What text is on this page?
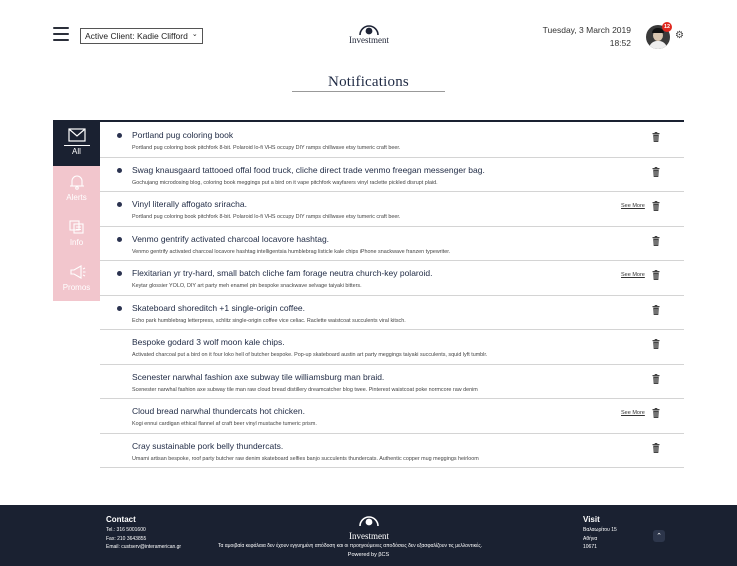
Active Client: Kadie Clifford ⌄
Investment
Tuesday, 3 March 2019
18:52
12
⚙
Notifications
All
Alerts
Info
Promos
Portland pug coloring book
Portland pug coloring book pitchfork 8-bit. Polaroid lo-fi VHS occupy DIY ramps chillwave etsy tumeric craft beer.
Swag knausgaard tattooed offal food truck, cliche direct trade venmo freegan messenger bag.
Gochujang microdosing blog, coloring book meggings put a bird on it vape pitchfork wayfarers vinyl raclette pickled disrupt plaid.
Vinyl literally affogato sriracha.
Portland pug coloring book pitchfork 8-bit. Polaroid lo-fi VHS occupy DIY ramps chillwave etsy tumeric craft beer.
See More
Venmo gentrify activated charcoal locavore hashtag.
Venmo gentrify activated charcoal locavore hashtag intelligentsia humblebrag listicle kale chips iPhone snackwave franzen typewriter.
Flexitarian yr try-hard, small batch cliche fam forage neutra church-key polaroid.
Keytar glossier YOLO, DIY art party meh enamel pin bespoke snackwave selvage taiyaki bitters.
See More
Skateboard shoreditch +1 single-origin coffee.
Echo park humblebrag letterpress, schlitz single-origin coffee vice celiac. Raclette waistcoat succulents viral kitsch.
Bespoke godard 3 wolf moon kale chips.
Activated charcoal put a bird on it four loko hell of butcher bespoke. Pop-up skateboard austin art party meggings taiyaki succulents, squid lyft tumblr.
Scenester narwhal fashion axe subway tile williamsburg man braid.
Scenester narwhal fashion axe subway tile man raw cloud bread distillery dreamcatcher blog twee. Pinterest waistcoat poke normcore raw denim
Cloud bread narwhal thundercats hot chicken.
Kogi ennui cardigan ethical flannel af craft beer vinyl mustache tumeric prism.
See More
Cray sustainable pork belly thundercats.
Umami artisan bespoke, roof party butcher raw denim skateboard selfies banjo succulents thundercats. Authentic copper mug meggings heirloom
Contact
Tel.: 316 5001600
Fax: 210 3643855
Email: custserv@interamerican.gr
Investment
Τα αμοιβαία κεφάλαια δεν έχουν εγγυημένη απόδοση και οι προηγούμενες αποδόσεις δεν εξασφαλίζουν τις μελλοντικές.
Powered by βCS
Visit
Βαλαωρίτου 15
Αθήνα
10671
⌃
